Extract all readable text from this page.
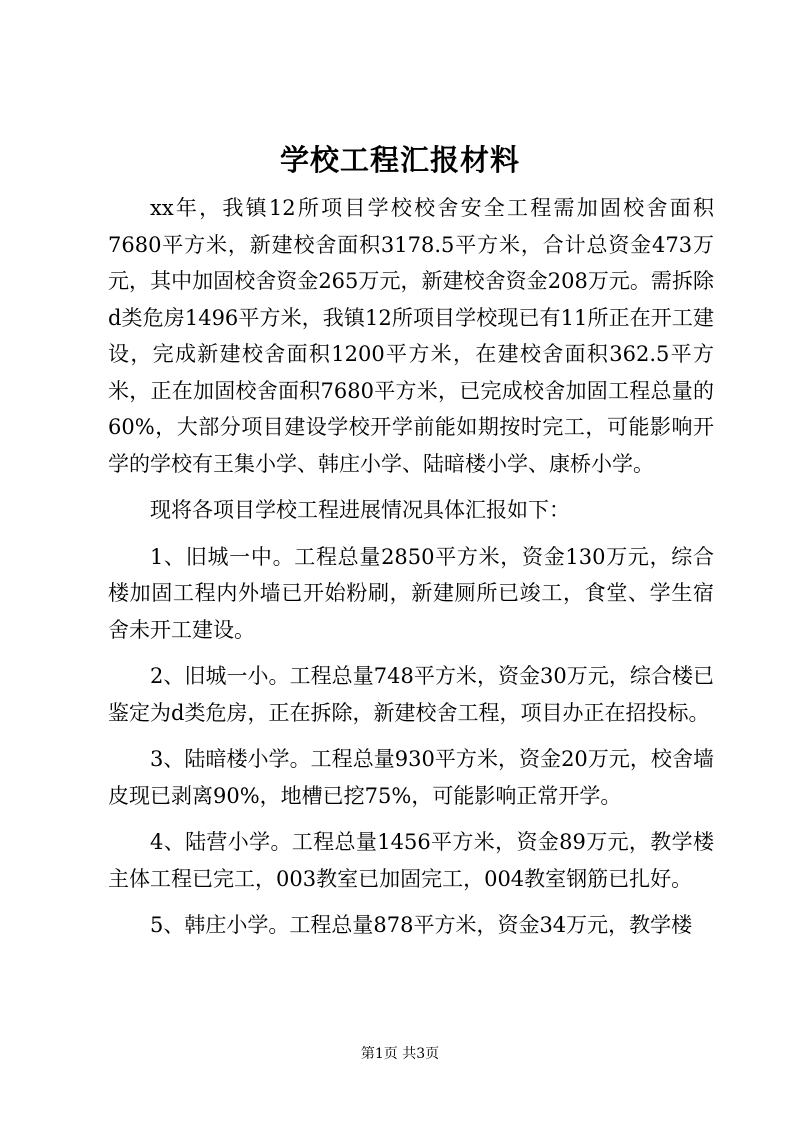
学校工程汇报材料

xx年，我镇12所项目学校校舍安全工程需加固校舍面积7680平方米，新建校舍面积3178.5平方米，合计总资金473万元，其中加固校舍资金265万元，新建校舍资金208万元。需拆除d类危房1496平方米，我镇12所项目学校现已有11所正在开工建设，完成新建校舍面积1200平方米，在建校舍面积362.5平方米，正在加固校舍面积7680平方米，已完成校舍加固工程总量的60%，大部分项目建设学校开学前能如期按时完工，可能影响开学的学校有王集小学、韩庄小学、陆暗楼小学、康桥小学。

现将各项目学校工程进展情况具体汇报如下：

1、旧城一中。工程总量2850平方米，资金130万元，综合楼加固工程内外墙已开始粉刷，新建厕所已竣工，食堂、学生宿舍未开工建设。

2、旧城一小。工程总量748平方米，资金30万元，综合楼已鉴定为d类危房，正在拆除，新建校舍工程，项目办正在招投标。

3、陆暗楼小学。工程总量930平方米，资金20万元，校舍墙皮现已剥离90%，地槽已挖75%，可能影响正常开学。

4、陆营小学。工程总量1456平方米，资金89万元，教学楼主体工程已完工，003教室已加固完工，004教室钢筋已扎好。

5、韩庄小学。工程总量878平方米，资金34万元，教学楼

第1页 共3页
